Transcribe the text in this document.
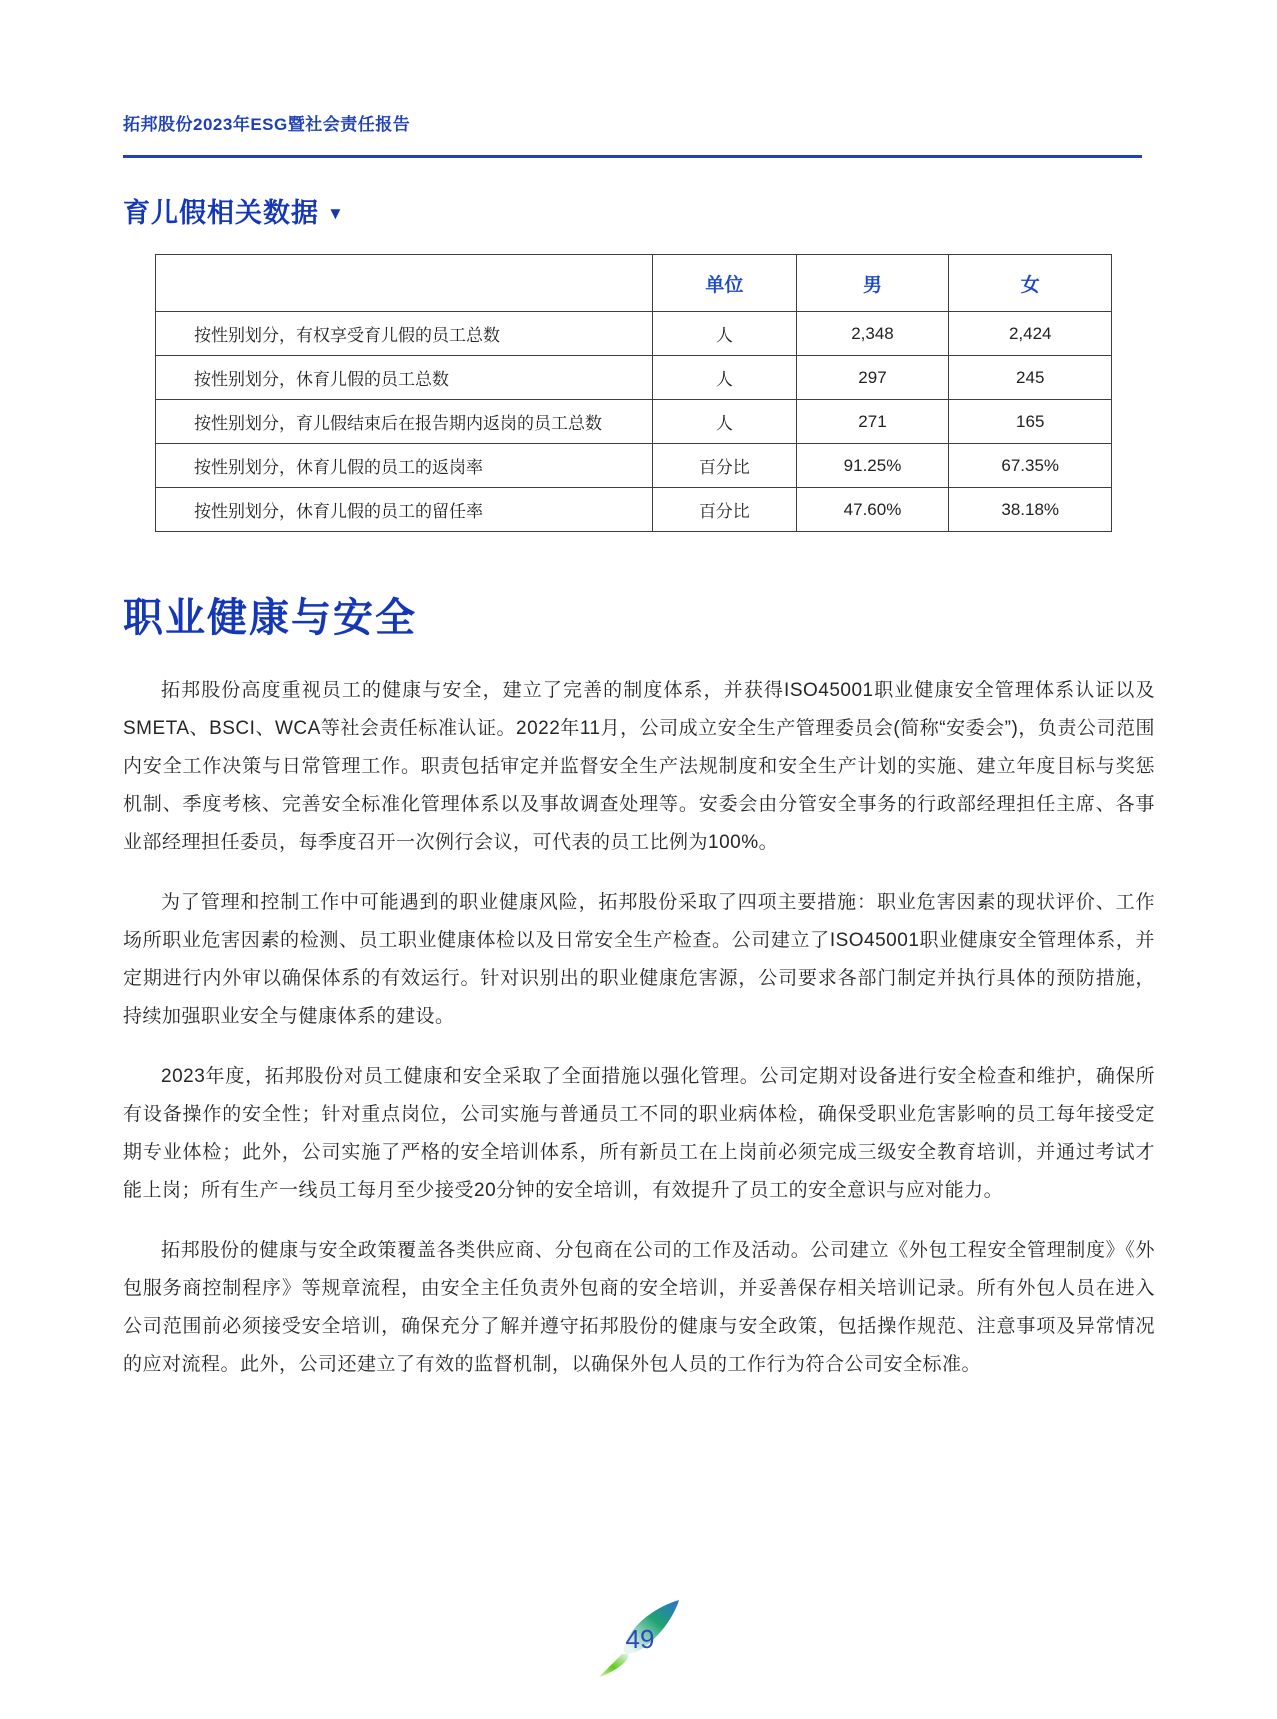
拓邦股份2023年ESG暨社会责任报告
育儿假相关数据 ▼
	单位	男	女
按性别划分，有权享受育儿假的员工总数	人	2,348	2,424
按性别划分，休育儿假的员工总数	人	297	245
按性别划分，育儿假结束后在报告期内返岗的员工总数	人	271	165
按性别划分，休育儿假的员工的返岗率	百分比	91.25%	67.35%
按性别划分，休育儿假的员工的留任率	百分比	47.60%	38.18%
职业健康与安全

拓邦股份高度重视员工的健康与安全，建立了完善的制度体系，并获得ISO45001职业健康安全管理体系认证以及SMETA、BSCI、WCA等社会责任标准认证。2022年11月，公司成立安全生产管理委员会(简称“安委会”)，负责公司范围内安全工作决策与日常管理工作。职责包括审定并监督安全生产法规制度和安全生产计划的实施、建立年度目标与奖惩机制、季度考核、完善安全标准化管理体系以及事故调查处理等。安委会由分管安全事务的行政部经理担任主席、各事业部经理担任委员，每季度召开一次例行会议，可代表的员工比例为100%。

为了管理和控制工作中可能遇到的职业健康风险，拓邦股份采取了四项主要措施：职业危害因素的现状评价、工作场所职业危害因素的检测、员工职业健康体检以及日常安全生产检查。公司建立了ISO45001职业健康安全管理体系，并定期进行内外审以确保体系的有效运行。针对识别出的职业健康危害源，公司要求各部门制定并执行具体的预防措施，持续加强职业安全与健康体系的建设。

2023年度，拓邦股份对员工健康和安全采取了全面措施以强化管理。公司定期对设备进行安全检查和维护，确保所有设备操作的安全性；针对重点岗位，公司实施与普通员工不同的职业病体检，确保受职业危害影响的员工每年接受定期专业体检；此外，公司实施了严格的安全培训体系，所有新员工在上岗前必须完成三级安全教育培训，并通过考试才能上岗；所有生产一线员工每月至少接受20分钟的安全培训，有效提升了员工的安全意识与应对能力。

拓邦股份的健康与安全政策覆盖各类供应商、分包商在公司的工作及活动。公司建立《外包工程安全管理制度》《外包服务商控制程序》等规章流程，由安全主任负责外包商的安全培训，并妥善保存相关培训记录。所有外包人员在进入公司范围前必须接受安全培训，确保充分了解并遵守拓邦股份的健康与安全政策，包括操作规范、注意事项及异常情况的应对流程。此外，公司还建立了有效的监督机制，以确保外包人员的工作行为符合公司安全标准。

49
